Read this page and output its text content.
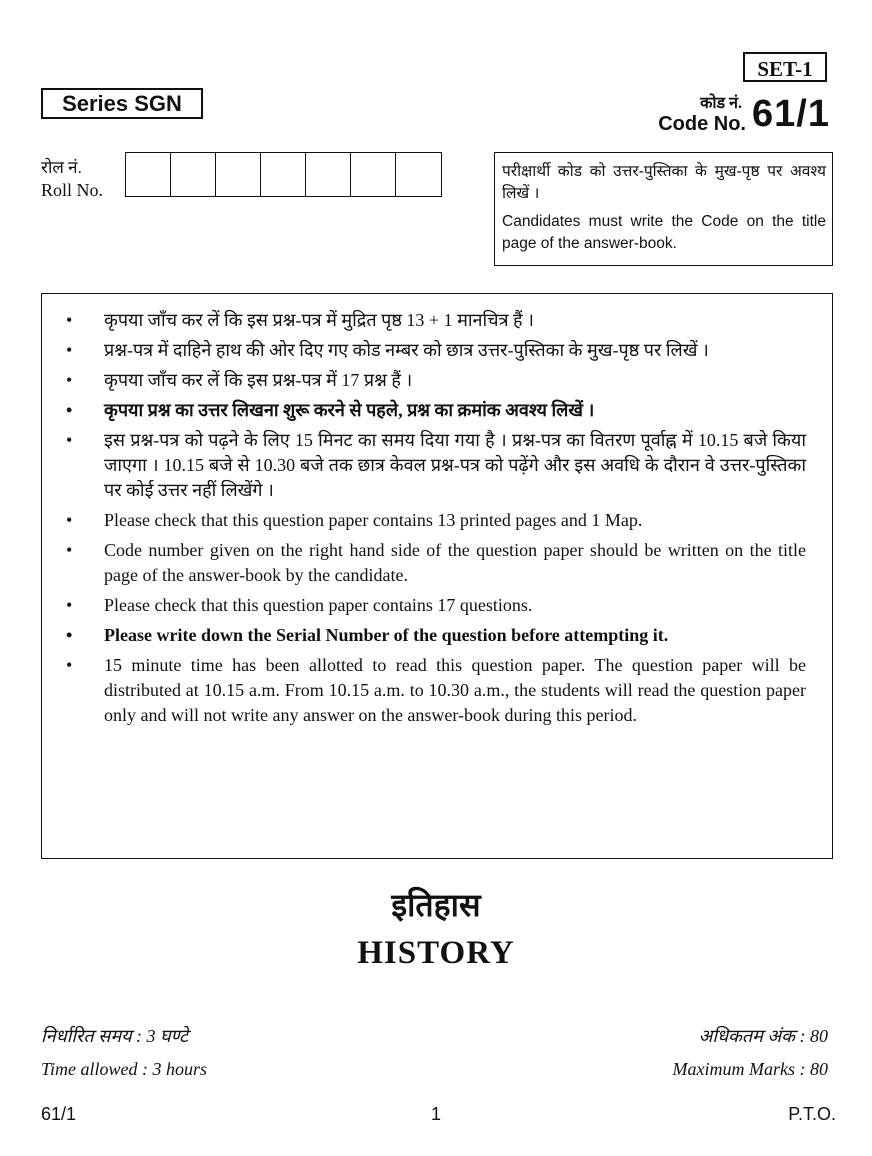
SET-1
Series SGN	कोड नं.
Code No. 61/1
रोल नं.
Roll No.

परीक्षार्थी कोड को उत्तर-पुस्तिका के मुख-पृष्ठ पर अवश्य लिखें ।

Candidates must write the Code on the title page of the answer-book.

• कृपया जाँच कर लें कि इस प्रश्न-पत्र में मुद्रित पृष्ठ 13 + 1 मानचित्र हैं ।
• प्रश्न-पत्र में दाहिने हाथ की ओर दिए गए कोड नम्बर को छात्र उत्तर-पुस्तिका के मुख-पृष्ठ पर लिखें ।
• कृपया जाँच कर लें कि इस प्रश्न-पत्र में 17 प्रश्न हैं ।
• कृपया प्रश्न का उत्तर लिखना शुरू करने से पहले, प्रश्न का क्रमांक अवश्य लिखें ।
• इस प्रश्न-पत्र को पढ़ने के लिए 15 मिनट का समय दिया गया है । प्रश्न-पत्र का वितरण पूर्वाह्न में 10.15 बजे किया जाएगा । 10.15 बजे से 10.30 बजे तक छात्र केवल प्रश्न-पत्र को पढ़ेंगे और इस अवधि के दौरान वे उत्तर-पुस्तिका पर कोई उत्तर नहीं लिखेंगे ।
• Please check that this question paper contains 13 printed pages and 1 Map.
• Code number given on the right hand side of the question paper should be written on the title page of the answer-book by the candidate.
• Please check that this question paper contains 17 questions.
• Please write down the Serial Number of the question before attempting it.
• 15 minute time has been allotted to read this question paper. The question paper will be distributed at 10.15 a.m. From 10.15 a.m. to 10.30 a.m., the students will read the question paper only and will not write any answer on the answer-book during this period.
इतिहास
HISTORY
निर्धारित समय : 3 घण्टे	अधिकतम अंक : 80
Time allowed : 3 hours	Maximum Marks : 80
61/1	1	P.T.O.
